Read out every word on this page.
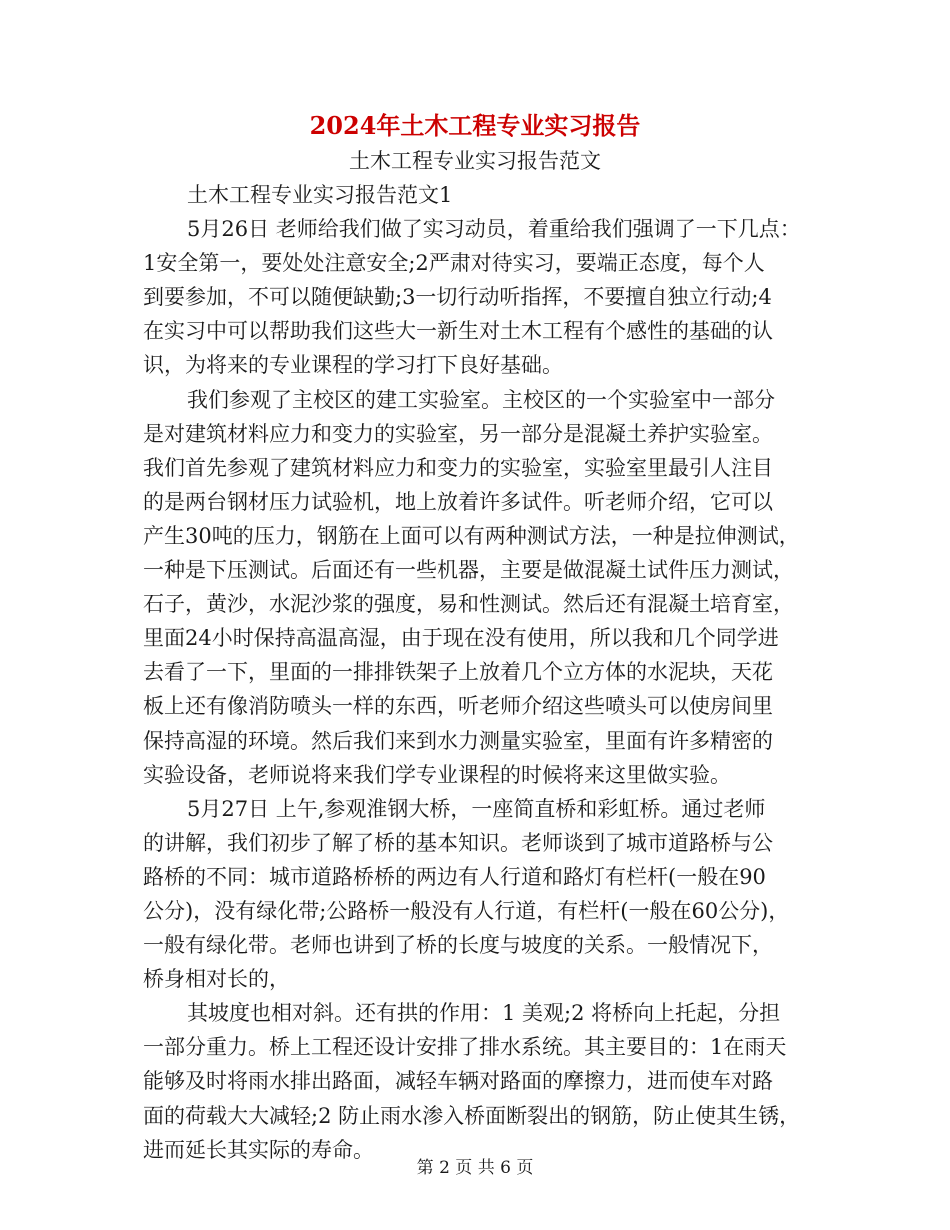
2024年土木工程专业实习报告
土木工程专业实习报告范文
土木工程专业实习报告范文1
5月26日 老师给我们做了实习动员，着重给我们强调了一下几点：
1安全第一，要处处注意安全;2严肃对待实习，要端正态度，每个人
到要参加，不可以随便缺勤;3一切行动听指挥，不要擅自独立行动;4
在实习中可以帮助我们这些大一新生对土木工程有个感性的基础的认
识，为将来的专业课程的学习打下良好基础。
我们参观了主校区的建工实验室。主校区的一个实验室中一部分
是对建筑材料应力和变力的实验室，另一部分是混凝土养护实验室。
我们首先参观了建筑材料应力和变力的实验室，实验室里最引人注目
的是两台钢材压力试验机，地上放着许多试件。听老师介绍，它可以
产生30吨的压力，钢筋在上面可以有两种测试方法，一种是拉伸测试，
一种是下压测试。后面还有一些机器，主要是做混凝土试件压力测试，
石子，黄沙，水泥沙浆的强度，易和性测试。然后还有混凝土培育室，
里面24小时保持高温高湿，由于现在没有使用，所以我和几个同学进
去看了一下，里面的一排排铁架子上放着几个立方体的水泥块，天花
板上还有像消防喷头一样的东西，听老师介绍这些喷头可以使房间里
保持高湿的环境。然后我们来到水力测量实验室，里面有许多精密的
实验设备，老师说将来我们学专业课程的时候将来这里做实验。
5月27日 上午,参观淮钢大桥，一座简直桥和彩虹桥。通过老师
的讲解，我们初步了解了桥的基本知识。老师谈到了城市道路桥与公
路桥的不同：城市道路桥桥的两边有人行道和路灯有栏杆(一般在90
公分)，没有绿化带;公路桥一般没有人行道，有栏杆(一般在60公分)，
一般有绿化带。老师也讲到了桥的长度与坡度的关系。一般情况下，
桥身相对长的，
其坡度也相对斜。还有拱的作用：1 美观;2 将桥向上托起，分担
一部分重力。桥上工程还设计安排了排水系统。其主要目的：1在雨天
能够及时将雨水排出路面，减轻车辆对路面的摩擦力，进而使车对路
面的荷载大大减轻;2 防止雨水渗入桥面断裂出的钢筋，防止使其生锈，
进而延长其实际的寿命。
第 2 页 共 6 页
